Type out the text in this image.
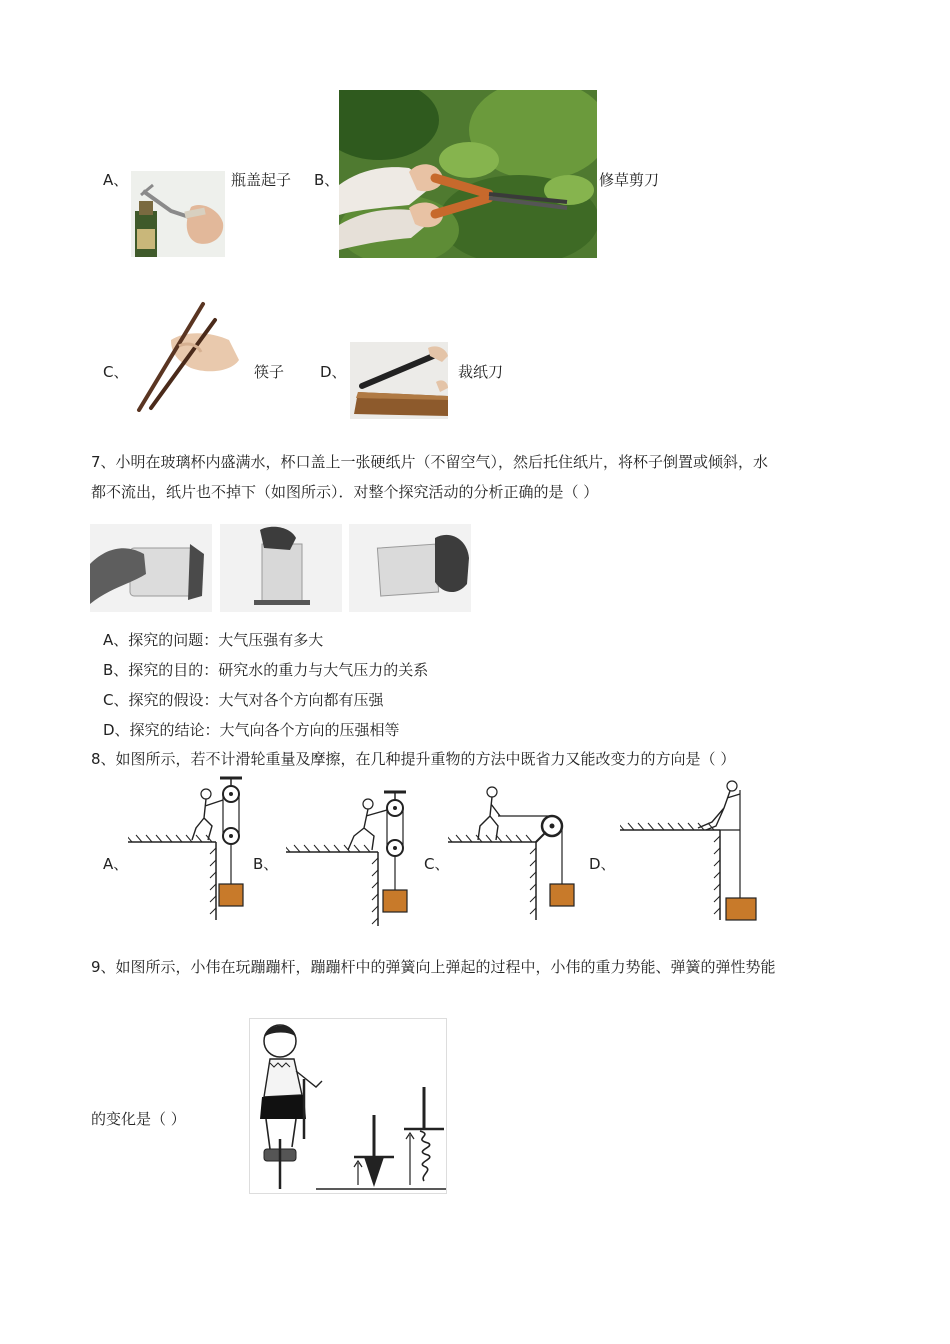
A、	瓶盖起子 B、	修草剪刀
C、	筷子 D、	裁纸刀
7、小明在玻璃杯内盛满水，杯口盖上一张硬纸片（不留空气），然后托住纸片，将杯子倒置或倾斜，水
都不流出，纸片也不掉下（如图所示）．对整个探究活动的分析正确的是（ ）
A、探究的问题：大气压强有多大
B、探究的目的：研究水的重力与大气压力的关系
C、探究的假设：大气对各个方向都有压强
D、探究的结论：大气向各个方向的压强相等
8、如图所示，若不计滑轮重量及摩擦，在几种提升重物的方法中既省力又能改变力的方向是（ ）
A、	B、	C、	D、
9、如图所示，小伟在玩蹦蹦杆，蹦蹦杆中的弹簧向上弹起的过程中，小伟的重力势能、弹簧的弹性势能
的变化是（ ）
